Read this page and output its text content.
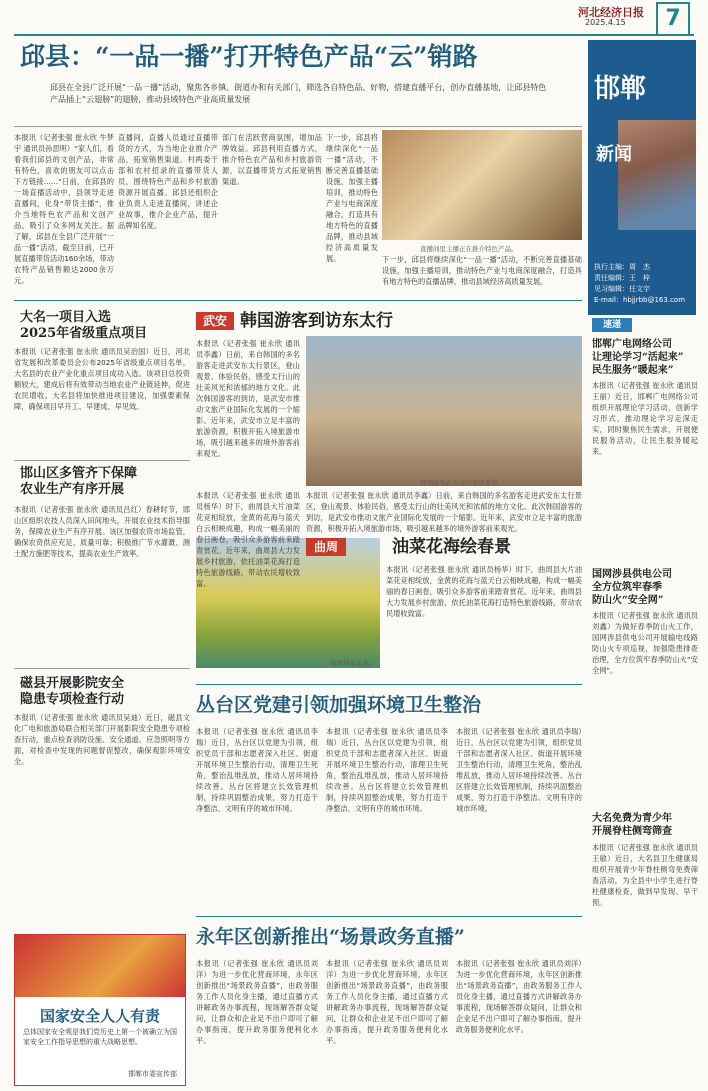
河北经济日报
2025.4.15	7
邯郸
新闻
执行主编：周　杰
责任编辑：王　梓
见习编辑：任文宇
E-mail：hbjjrbb@163.com
邱县：“一品一播”打开特色产品“云”销路
邱县在全县广泛开展“一品一播”活动，聚焦各乡镇、街道办和有关部门，筛选各自特色品、好物，搭建直播平台，创办直播基地，让邱县特色产品插上“云翅膀”的翅膀，推动县域特色产业高质量发展
本报讯（记者张强 崔永欣 牛梦宇 通讯员孙思明）“家人们，看看我们邱县的文创产品，非常有特色，喜欢的朋友可以点击下方链接……”日前，在邱县的一场直播活动中，县领导走进直播间，化身“带货主播”，推介当地特色农产品和文创产品，吸引了众多网友关注。据了解，邱县在全县广泛开展“一品一播”活动，截至目前，已开展直播带货活动160余场，带动农特产品销售额达2000余万元。
直播间，直播人员通过直播带货的方式，为当地企业推介产品，拓宽销售渠道。村两委干部和农村招录的直播带货人员，围绕特色产品和乡村旅游资源开展直播。邱县还组织企业负责人走进直播间，讲述企业故事，推介企业产品，提升品牌知名度。
部门在活跃营商氛围，增加品牌效益。邱县利用直播方式，推介特色农产品和乡村旅游资源，以直播带货方式拓宽销售渠道。
直播间里主播正在推介特色产品。
下一步，邱县将继续深化“一品一播”活动，不断完善直播基础设施，加强主播培训，推动特色产业与电商深度融合，打造具有地方特色的直播品牌，推动县域经济高质量发展。	下一步，邱县将继续深化“一品一播”活动，不断完善直播基础设施，加强主播培训，推动特色产业与电商深度融合，打造具有地方特色的直播品牌，推动县域经济高质量发展。
速递
邯郸广电网络公司
让理论学习“活起来”
民生服务“暖起来”
本报讯（记者张强 崔永欣 通讯员王丽）近日，邯郸广电网络公司组织开展理论学习活动，创新学习形式，推动理论学习走深走实，同时聚焦民生需求，开展便民服务活动，让民生服务暖起来。
国网涉县供电公司
全方位筑牢春季
防山火“安全网”
本报讯（记者张强 崔永欣 通讯员刘鑫）为做好春季防山火工作，国网涉县供电公司开展输电线路防山火专项巡视，加强隐患排查治理，全方位筑牢春季防山火“安全网”。
大名免费为青少年
开展脊柱侧弯筛查
本报讯（记者张强 崔永欣 通讯员王敏）近日，大名县卫生健康局组织开展青少年脊柱侧弯免费筛查活动，为全县中小学生进行脊柱健康检查，做到早发现、早干预。
大名一项目入选
2025年省级重点项目
本报讯（记者张强 崔永欣 通讯员吴治国）近日，河北省发展和改革委员会公布2025年省级重点项目名单，大名县的农业产业化重点项目成功入选。该项目总投资额较大，建成后将有效带动当地农业产业链延伸，促进农民增收。大名县将加快推进项目建设，加强要素保障，确保项目早开工、早建成、早见效。
邯山区多管齐下保障
农业生产有序开展
本报讯（记者张强 崔永欣 通讯员吕红）春耕时节，邯山区组织农技人员深入田间地头，开展农业技术指导服务，保障农业生产有序开展。该区加强农资市场监管，确保农资供应充足、质量可靠；积极推广节水灌溉、测土配方施肥等技术，提高农业生产效率。
磁县开展影院安全
隐患专项检查行动
本报讯（记者张强 崔永欣 通讯员吴迪）近日，磁县文化广电和旅游局联合相关部门开展影院安全隐患专项检查行动，重点检查消防设施、安全通道、应急照明等方面，对检查中发现的问题督促整改，确保观影环境安全。
国家安全人人有责
总体国家安全观是我们党历史上第一个被确立为国家安全工作指导思想的重大战略思想。
邯郸市委宣传部
武安 韩国游客到访东太行
本报讯（记者张强 崔永欣 通讯员李鑫）日前，来自韩国的多名游客走进武安东太行景区，登山观景、体验民俗，感受太行山的壮美风光和浓郁的地方文化。此次韩国游客的到访，是武安市推动文旅产业国际化发展的一个缩影。近年来，武安市立足丰富的旅游资源，积极开拓入境旅游市场，吸引越来越多的境外游客前来观光。
韩国游客在东太行景区游览。
本报讯（记者张强 崔永欣 通讯员李鑫）日前，来自韩国的多名游客走进武安东太行景区，登山观景、体验民俗，感受太行山的壮美风光和浓郁的地方文化。此次韩国游客的到访，是武安市推动文旅产业国际化发展的一个缩影。近年来，武安市立足丰富的旅游资源，积极开拓入境旅游市场，吸引越来越多的境外游客前来观光。
曲周油菜花海。
本报讯（记者张强 崔永欣 通讯员杨华）时下，曲周县大片油菜花竞相绽放，金黄的花海与蓝天白云相映成趣，构成一幅美丽的春日画卷，吸引众多游客前来踏青赏花。近年来，曲周县大力发展乡村旅游，依托油菜花海打造特色旅游线路，带动农民增收致富。
曲周	油菜花海绘春景
本报讯（记者张强 崔永欣 通讯员杨华）时下，曲周县大片油菜花竞相绽放，金黄的花海与蓝天白云相映成趣，构成一幅美丽的春日画卷，吸引众多游客前来踏青赏花。近年来，曲周县大力发展乡村旅游，依托油菜花海打造特色旅游线路，带动农民增收致富。
丛台区党建引领加强环境卫生整治
本报讯（记者张强 崔永欣 通讯员李瑞）近日，丛台区以党建为引领，组织党员干部和志愿者深入社区、街道开展环境卫生整治行动，清理卫生死角，整治乱堆乱放，推动人居环境持续改善。丛台区将建立长效管理机制，持续巩固整治成果，努力打造干净整洁、文明有序的城市环境。
本报讯（记者张强 崔永欣 通讯员李瑞）近日，丛台区以党建为引领，组织党员干部和志愿者深入社区、街道开展环境卫生整治行动，清理卫生死角，整治乱堆乱放，推动人居环境持续改善。丛台区将建立长效管理机制，持续巩固整治成果，努力打造干净整洁、文明有序的城市环境。
本报讯（记者张强 崔永欣 通讯员李瑞）近日，丛台区以党建为引领，组织党员干部和志愿者深入社区、街道开展环境卫生整治行动，清理卫生死角，整治乱堆乱放，推动人居环境持续改善。丛台区将建立长效管理机制，持续巩固整治成果，努力打造干净整洁、文明有序的城市环境。
永年区创新推出“场景政务直播”
本报讯（记者张强 崔永欣 通讯员刘洋）为进一步优化营商环境，永年区创新推出“场景政务直播”，由政务服务工作人员化身主播，通过直播方式讲解政务办事流程，现场解答群众疑问，让群众和企业足不出户即可了解办事指南，提升政务服务便利化水平。
本报讯（记者张强 崔永欣 通讯员刘洋）为进一步优化营商环境，永年区创新推出“场景政务直播”，由政务服务工作人员化身主播，通过直播方式讲解政务办事流程，现场解答群众疑问，让群众和企业足不出户即可了解办事指南，提升政务服务便利化水平。
本报讯（记者张强 崔永欣 通讯员刘洋）为进一步优化营商环境，永年区创新推出“场景政务直播”，由政务服务工作人员化身主播，通过直播方式讲解政务办事流程，现场解答群众疑问，让群众和企业足不出户即可了解办事指南，提升政务服务便利化水平。
